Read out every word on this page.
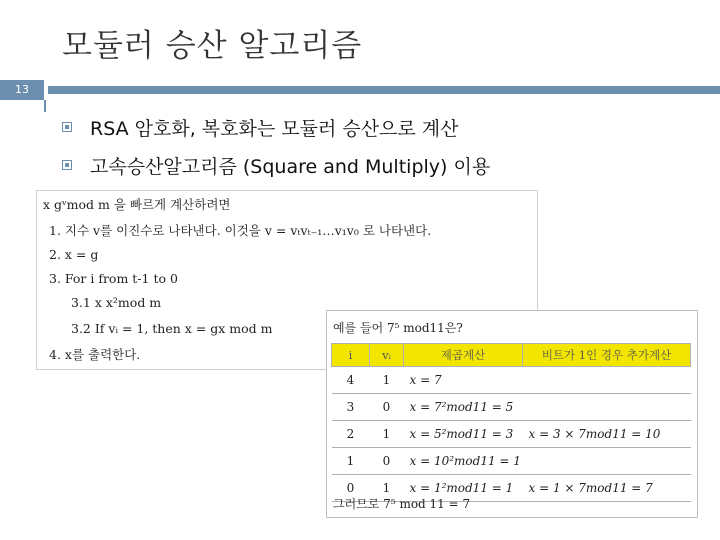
모듈러 승산 알고리즘
13
RSA 암호화, 복호화는 모듈러 승산으로 계산
고속승산알고리즘 (Square and Multiply) 이용
x gᵛmod m 을 빠르게 계산하려면
1. 지수 v를 이진수로 나타낸다. 이것을 v = vₜvₜ₋₁…v₁v₀ 로 나타낸다.
2. x = g
3. For i from t-1 to 0
3.1 x x²mod m
3.2 If vᵢ = 1, then x = gx mod m
4. x를 출력한다.
예를 들어 7⁵ mod11은?
i	vᵢ	제곱계산	비트가 1인 경우 추가계산
4	1	x = 7	
3	0	x = 7²mod11 = 5	
2	1	x = 5²mod11 = 3	x = 3 × 7mod11 = 10
1	0	x = 10²mod11 = 1	
0	1	x = 1²mod11 = 1	x = 1 × 7mod11 = 7
그러므로 7⁵ mod 11 = 7
